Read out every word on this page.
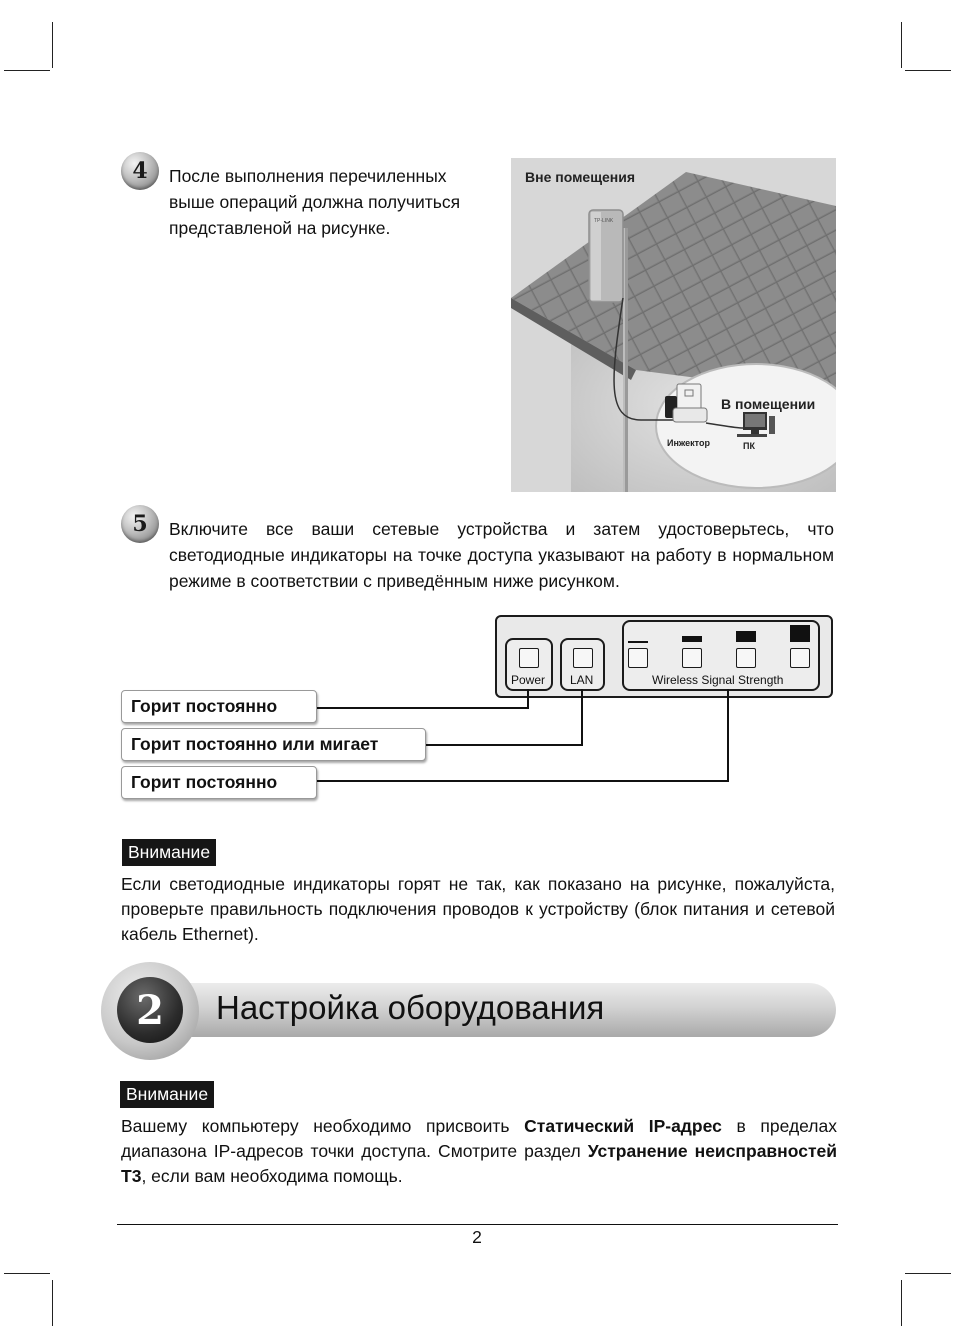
4	После выполнения перечиленных
выше операций должна получиться
представленой на рисунке.	TP-LINK
Вне помещения
В помещении
Инжектор	ПК
5	Включите все ваши сетевые устройства и затем удостоверьтесь, что светодиодные индикаторы на точке доступа указывают на работу в нормальном режиме в соответствии с приведённым ниже рисунком.
Power LAN	Wireless Signal Strength
Горит постоянно
Горит постоянно или мигает
Горит постоянно
Внимание
Если светодиодные индикаторы горят не так, как показано на рисунке, пожалуйста, проверьте правильность подключения проводов к устройству (блок питания и сетевой кабель Ethernet).
2	Настройка оборудования
Внимание
Вашему компьютеру необходимо присвоить Статический IP-адрес в пределах диапазона IP-адресов точки доступа. Смотрите раздел Устранение неисправностей Т3, если вам необходима помощь.
2
